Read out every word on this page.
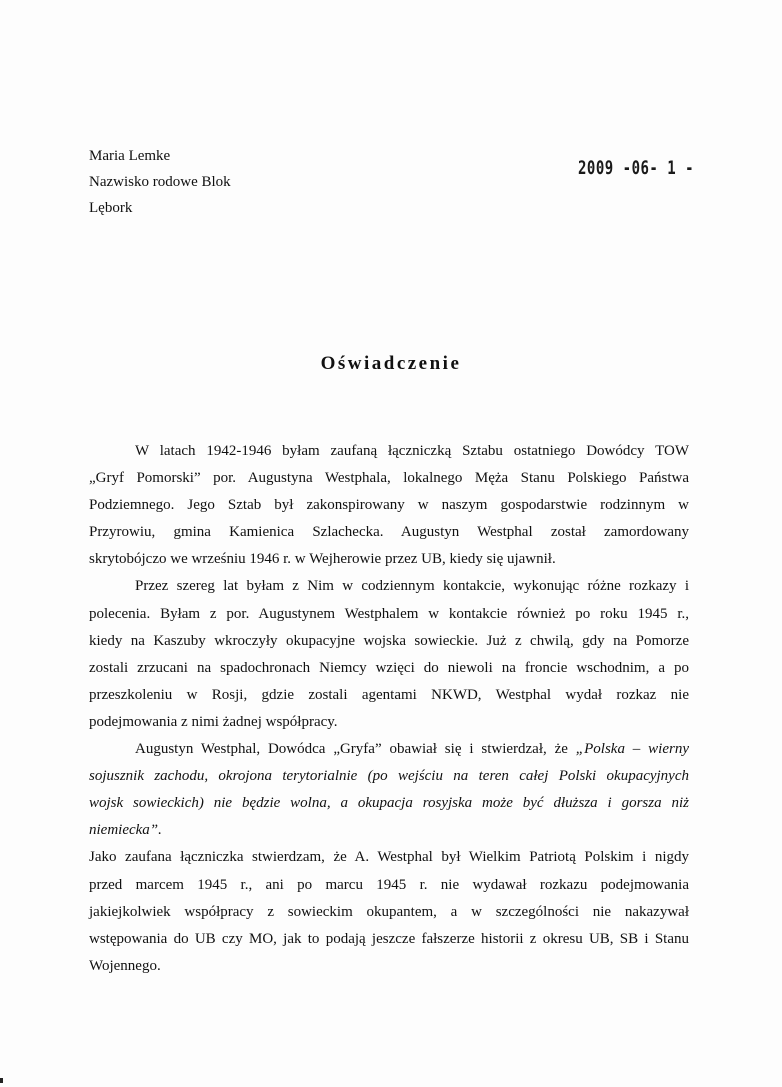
Maria Lemke
Nazwisko rodowe Blok
Lębork
2009 -06- 1 -
Oświadczenie
W latach 1942-1946 byłam zaufaną łączniczką Sztabu ostatniego Dowódcy TOW
„Gryf Pomorski” por. Augustyna Westphala, lokalnego Męża Stanu Polskiego Państwa
Podziemnego. Jego Sztab był zakonspirowany w naszym gospodarstwie rodzinnym w
Przyrowiu, gmina Kamienica Szlachecka. Augustyn Westphal został zamordowany
skrytobójczo we wrześniu 1946 r. w Wejherowie przez UB, kiedy się ujawnił.
Przez szereg lat byłam z Nim w codziennym kontakcie, wykonując różne rozkazy i
polecenia. Byłam z por. Augustynem Westphalem w kontakcie również po roku 1945 r.,
kiedy na Kaszuby wkroczyły okupacyjne wojska sowieckie. Już z chwilą, gdy na Pomorze
zostali zrzucani na spadochronach Niemcy wzięci do niewoli na froncie wschodnim, a po
przeszkoleniu w Rosji, gdzie zostali agentami NKWD, Westphal wydał rozkaz nie
podejmowania z nimi żadnej współpracy.
Augustyn Westphal, Dowódca „Gryfa” obawiał się i stwierdzał, że „Polska – wierny
sojusznik zachodu, okrojona terytorialnie (po wejściu na teren całej Polski okupacyjnych
wojsk sowieckich) nie będzie wolna, a okupacja rosyjska może być dłuższa i gorsza niż
niemiecka”.
Jako zaufana łączniczka stwierdzam, że A. Westphal był Wielkim Patriotą Polskim i nigdy
przed marcem 1945 r., ani po marcu 1945 r. nie wydawał rozkazu podejmowania
jakiejkolwiek współpracy z sowieckim okupantem, a w szczególności nie nakazywał
wstępowania do UB czy MO, jak to podają jeszcze fałszerze historii z okresu UB, SB i Stanu
Wojennego.
